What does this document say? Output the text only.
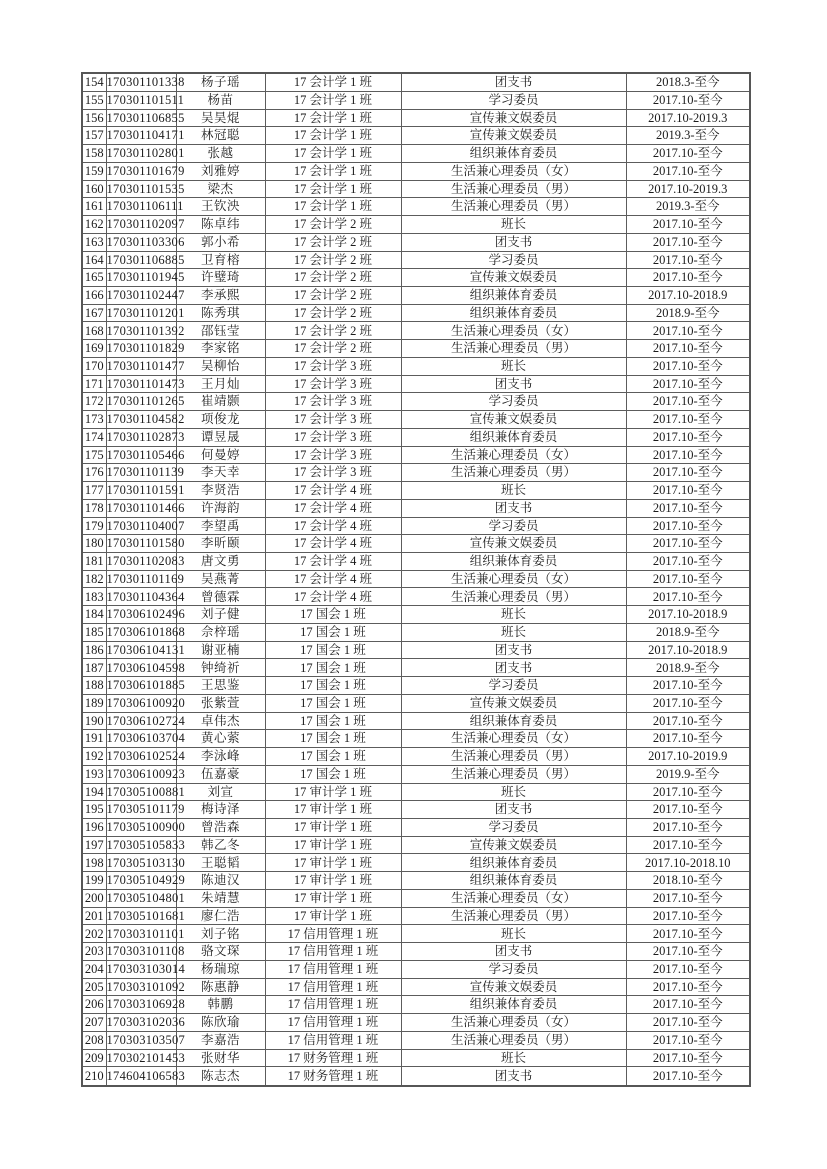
154	170301101338	杨子瑶	17 会计学 1 班	团支书	2018.3-至今
155	170301101511	杨苗	17 会计学 1 班	学习委员	2017.10-至今
156	170301106855	吴昊焜	17 会计学 1 班	宣传兼文娱委员	2017.10-2019.3
157	170301104171	林冠聪	17 会计学 1 班	宣传兼文娱委员	2019.3-至今
158	170301102801	张越	17 会计学 1 班	组织兼体育委员	2017.10-至今
159	170301101679	刘雅婷	17 会计学 1 班	生活兼心理委员（女）	2017.10-至今
160	170301101535	梁杰	17 会计学 1 班	生活兼心理委员（男）	2017.10-2019.3
161	170301106111	王钦泱	17 会计学 1 班	生活兼心理委员（男）	2019.3-至今
162	170301102097	陈卓纬	17 会计学 2 班	班长	2017.10-至今
163	170301103306	郭小希	17 会计学 2 班	团支书	2017.10-至今
164	170301106885	卫育榕	17 会计学 2 班	学习委员	2017.10-至今
165	170301101945	许璧琦	17 会计学 2 班	宣传兼文娱委员	2017.10-至今
166	170301102447	李承熙	17 会计学 2 班	组织兼体育委员	2017.10-2018.9
167	170301101201	陈秀琪	17 会计学 2 班	组织兼体育委员	2018.9-至今
168	170301101392	邵钰莹	17 会计学 2 班	生活兼心理委员（女）	2017.10-至今
169	170301101829	李家铭	17 会计学 2 班	生活兼心理委员（男）	2017.10-至今
170	170301101477	吴柳怡	17 会计学 3 班	班长	2017.10-至今
171	170301101473	王月灿	17 会计学 3 班	团支书	2017.10-至今
172	170301101265	崔靖颢	17 会计学 3 班	学习委员	2017.10-至今
173	170301104582	项俊龙	17 会计学 3 班	宣传兼文娱委员	2017.10-至今
174	170301102873	谭昱晟	17 会计学 3 班	组织兼体育委员	2017.10-至今
175	170301105466	何曼婷	17 会计学 3 班	生活兼心理委员（女）	2017.10-至今
176	170301101139	李天幸	17 会计学 3 班	生活兼心理委员（男）	2017.10-至今
177	170301101591	李贤浩	17 会计学 4 班	班长	2017.10-至今
178	170301101466	许海韵	17 会计学 4 班	团支书	2017.10-至今
179	170301104007	李望禹	17 会计学 4 班	学习委员	2017.10-至今
180	170301101580	李昕颐	17 会计学 4 班	宣传兼文娱委员	2017.10-至今
181	170301102083	唐文勇	17 会计学 4 班	组织兼体育委员	2017.10-至今
182	170301101169	吴燕菁	17 会计学 4 班	生活兼心理委员（女）	2017.10-至今
183	170301104364	曾德霖	17 会计学 4 班	生活兼心理委员（男）	2017.10-至今
184	170306102496	刘子健	17 国会 1 班	班长	2017.10-2018.9
185	170306101868	佘梓瑶	17 国会 1 班	班长	2018.9-至今
186	170306104131	谢亚楠	17 国会 1 班	团支书	2017.10-2018.9
187	170306104598	钟绮祈	17 国会 1 班	团支书	2018.9-至今
188	170306101885	王思鉴	17 国会 1 班	学习委员	2017.10-至今
189	170306100920	张紫萱	17 国会 1 班	宣传兼文娱委员	2017.10-至今
190	170306102724	卓伟杰	17 国会 1 班	组织兼体育委员	2017.10-至今
191	170306103704	黄心萦	17 国会 1 班	生活兼心理委员（女）	2017.10-至今
192	170306102524	李泳峰	17 国会 1 班	生活兼心理委员（男）	2017.10-2019.9
193	170306100923	伍嘉豪	17 国会 1 班	生活兼心理委员（男）	2019.9-至今
194	170305100881	刘宣	17 审计学 1 班	班长	2017.10-至今
195	170305101179	梅诗泽	17 审计学 1 班	团支书	2017.10-至今
196	170305100900	曾浩森	17 审计学 1 班	学习委员	2017.10-至今
197	170305105833	韩乙冬	17 审计学 1 班	宣传兼文娱委员	2017.10-至今
198	170305103130	王聪韬	17 审计学 1 班	组织兼体育委员	2017.10-2018.10
199	170305104929	陈迪汉	17 审计学 1 班	组织兼体育委员	2018.10-至今
200	170305104801	朱靖慧	17 审计学 1 班	生活兼心理委员（女）	2017.10-至今
201	170305101681	廖仁浩	17 审计学 1 班	生活兼心理委员（男）	2017.10-至今
202	170303101101	刘子铭	17 信用管理 1 班	班长	2017.10-至今
203	170303101108	骆文琛	17 信用管理 1 班	团支书	2017.10-至今
204	170303103014	杨瑞琼	17 信用管理 1 班	学习委员	2017.10-至今
205	170303101092	陈惠静	17 信用管理 1 班	宣传兼文娱委员	2017.10-至今
206	170303106928	韩鹏	17 信用管理 1 班	组织兼体育委员	2017.10-至今
207	170303102036	陈欣瑜	17 信用管理 1 班	生活兼心理委员（女）	2017.10-至今
208	170303103507	李嘉浩	17 信用管理 1 班	生活兼心理委员（男）	2017.10-至今
209	170302101453	张财华	17 财务管理 1 班	班长	2017.10-至今
210	174604106583	陈志杰	17 财务管理 1 班	团支书	2017.10-至今
